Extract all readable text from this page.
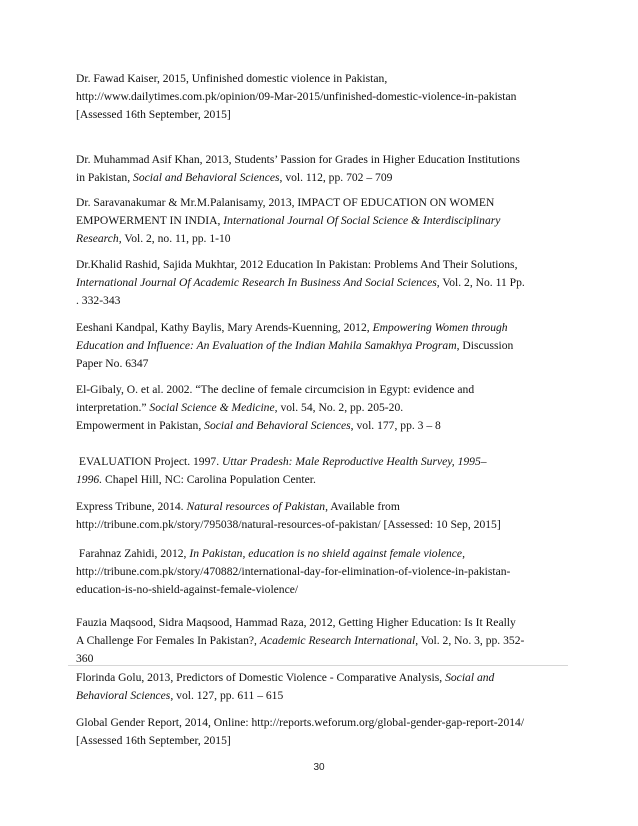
Dr. Fawad Kaiser, 2015, Unfinished domestic violence in Pakistan,
http://www.dailytimes.com.pk/opinion/09-Mar-2015/unfinished-domestic-violence-in-pakistan
[Assessed 16th September, 2015]

Dr. Muhammad Asif Khan, 2013, Students’ Passion for Grades in Higher Education Institutions
in Pakistan, Social and Behavioral Sciences, vol. 112, pp. 702 – 709

Dr. Saravanakumar & Mr.M.Palanisamy, 2013, IMPACT OF EDUCATION ON WOMEN
EMPOWERMENT IN INDIA, International Journal Of Social Science & Interdisciplinary
Research, Vol. 2, no. 11, pp. 1-10

Dr.Khalid Rashid, Sajida Mukhtar, 2012 Education In Pakistan: Problems And Their Solutions,
International Journal Of Academic Research In Business And Social Sciences, Vol. 2, No. 11 Pp.
. 332-343

Eeshani Kandpal, Kathy Baylis, Mary Arends-Kuenning, 2012, Empowering Women through
Education and Influence: An Evaluation of the Indian Mahila Samakhya Program, Discussion
Paper No. 6347

El-Gibaly, O. et al. 2002. “The decline of female circumcision in Egypt: evidence and
interpretation.” Social Science & Medicine, vol. 54, No. 2, pp. 205-20.
Empowerment in Pakistan, Social and Behavioral Sciences, vol. 177, pp. 3 – 8

EVALUATION Project. 1997. Uttar Pradesh: Male Reproductive Health Survey, 1995–
1996. Chapel Hill, NC: Carolina Population Center.

Express Tribune, 2014. Natural resources of Pakistan, Available from
http://tribune.com.pk/story/795038/natural-resources-of-pakistan/ [Assessed: 10 Sep, 2015]

Farahnaz Zahidi, 2012, In Pakistan, education is no shield against female violence,
http://tribune.com.pk/story/470882/international-day-for-elimination-of-violence-in-pakistan-
education-is-no-shield-against-female-violence/

Fauzia Maqsood, Sidra Maqsood, Hammad Raza, 2012, Getting Higher Education: Is It Really
A Challenge For Females In Pakistan?, Academic Research International, Vol. 2, No. 3, pp. 352-
360

Florinda Golu, 2013, Predictors of Domestic Violence - Comparative Analysis, Social and
Behavioral Sciences, vol. 127, pp. 611 – 615

Global Gender Report, 2014, Online: http://reports.weforum.org/global-gender-gap-report-2014/
[Assessed 16th September, 2015]

30
